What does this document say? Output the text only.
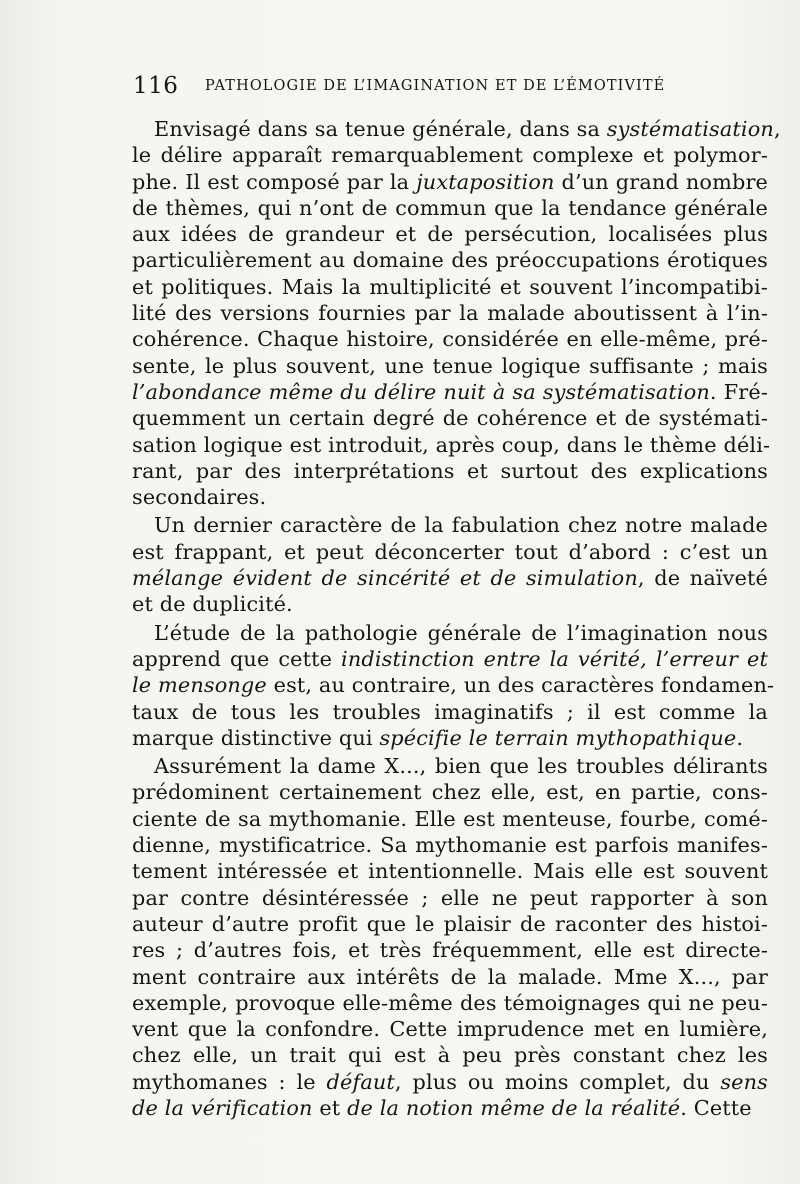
116 PATHOLOGIE DE L’IMAGINATION ET DE L’ÉMOTIVITÉ
Envisagé dans sa tenue générale, dans sa systématisation,
le délire apparaît remarquablement complexe et polymor-
phe. Il est composé par la juxtaposition d’un grand nombre
de thèmes, qui n’ont de commun que la tendance générale
aux idées de grandeur et de persécution, localisées plus
particulièrement au domaine des préoccupations érotiques
et politiques. Mais la multiplicité et souvent l’incompatibi-
lité des versions fournies par la malade aboutissent à l’in-
cohérence. Chaque histoire, considérée en elle-même, pré-
sente, le plus souvent, une tenue logique suffisante ; mais
l’abondance même du délire nuit à sa systématisation. Fré-
quemment un certain degré de cohérence et de systémati-
sation logique est introduit, après coup, dans le thème déli-
rant, par des interprétations et surtout des explications
secondaires.
Un dernier caractère de la fabulation chez notre malade
est frappant, et peut déconcerter tout d’abord : c’est un
mélange évident de sincérité et de simulation, de naïveté
et de duplicité.
L’étude de la pathologie générale de l’imagination nous
apprend que cette indistinction entre la vérité, l’erreur et
le mensonge est, au contraire, un des caractères fondamen-
taux de tous les troubles imaginatifs ; il est comme la
marque distinctive qui spécifie le terrain mythopathique.
Assurément la dame X..., bien que les troubles délirants
prédominent certainement chez elle, est, en partie, cons-
ciente de sa mythomanie. Elle est menteuse, fourbe, comé-
dienne, mystificatrice. Sa mythomanie est parfois manifes-
tement intéressée et intentionnelle. Mais elle est souvent
par contre désintéressée ; elle ne peut rapporter à son
auteur d’autre profit que le plaisir de raconter des histoi-
res ; d’autres fois, et très fréquemment, elle est directe-
ment contraire aux intérêts de la malade. Mme X..., par
exemple, provoque elle-même des témoignages qui ne peu-
vent que la confondre. Cette imprudence met en lumière,
chez elle, un trait qui est à peu près constant chez les
mythomanes : le défaut, plus ou moins complet, du sens
de la vérification et de la notion même de la réalité. Cette
